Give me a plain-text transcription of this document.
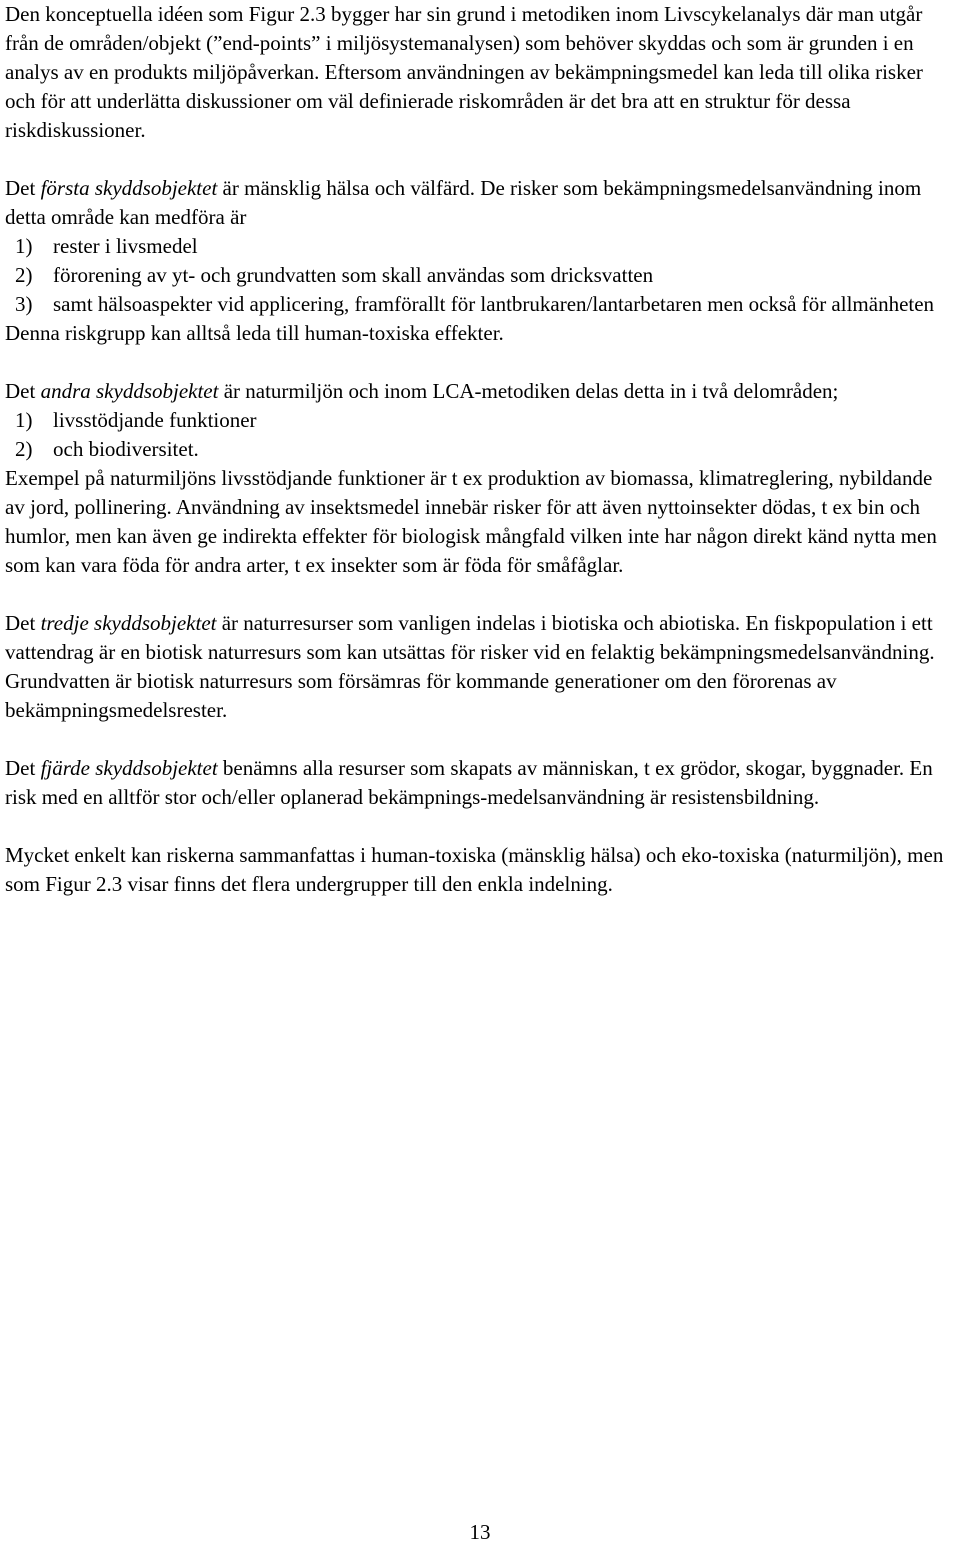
Den konceptuella idéen som Figur 2.3 bygger har sin grund i metodiken inom Livscykelanalys där man utgår från de områden/objekt (”end-points” i miljösystemanalysen) som behöver skyddas och som är grunden i en analys av en produkts miljöpåverkan. Eftersom användningen av bekämpningsmedel kan leda till olika risker och för att underlätta diskussioner om väl definierade riskområden är det bra att en struktur för dessa riskdiskussioner.

Det första skyddsobjektet är mänsklig hälsa och välfärd. De risker som bekämpningsmedelsanvändning inom detta område kan medföra är

1) rester i livsmedel
2) förorening av yt- och grundvatten som skall användas som dricksvatten
3) samt hälsoaspekter vid applicering, framförallt för lantbrukaren/lantarbetaren men också för allmänheten

Denna riskgrupp kan alltså leda till human-toxiska effekter.

Det andra skyddsobjektet är naturmiljön och inom LCA-metodiken delas detta in i två delområden;

1) livsstödjande funktioner
2) och biodiversitet.

Exempel på naturmiljöns livsstödjande funktioner är t ex produktion av biomassa, klimatreglering, nybildande av jord, pollinering. Användning av insektsmedel innebär risker för att även nyttoinsekter dödas, t ex bin och humlor, men kan även ge indirekta effekter för biologisk mångfald vilken inte har någon direkt känd nytta men som kan vara föda för andra arter, t ex insekter som är föda för småfåglar.

Det tredje skyddsobjektet är naturresurser som vanligen indelas i biotiska och abiotiska. En fiskpopulation i ett vattendrag är en biotisk naturresurs som kan utsättas för risker vid en felaktig bekämpningsmedelsanvändning. Grundvatten är biotisk naturresurs som försämras för kommande generationer om den förorenas av bekämpningsmedelsrester.

Det fjärde skyddsobjektet benämns alla resurser som skapats av människan, t ex grödor, skogar, byggnader. En risk med en alltför stor och/eller oplanerad bekämpnings-medelsanvändning är resistensbildning.

Mycket enkelt kan riskerna sammanfattas i human-toxiska (mänsklig hälsa) och eko-toxiska (naturmiljön), men som Figur 2.3 visar finns det flera undergrupper till den enkla indelning.

13
